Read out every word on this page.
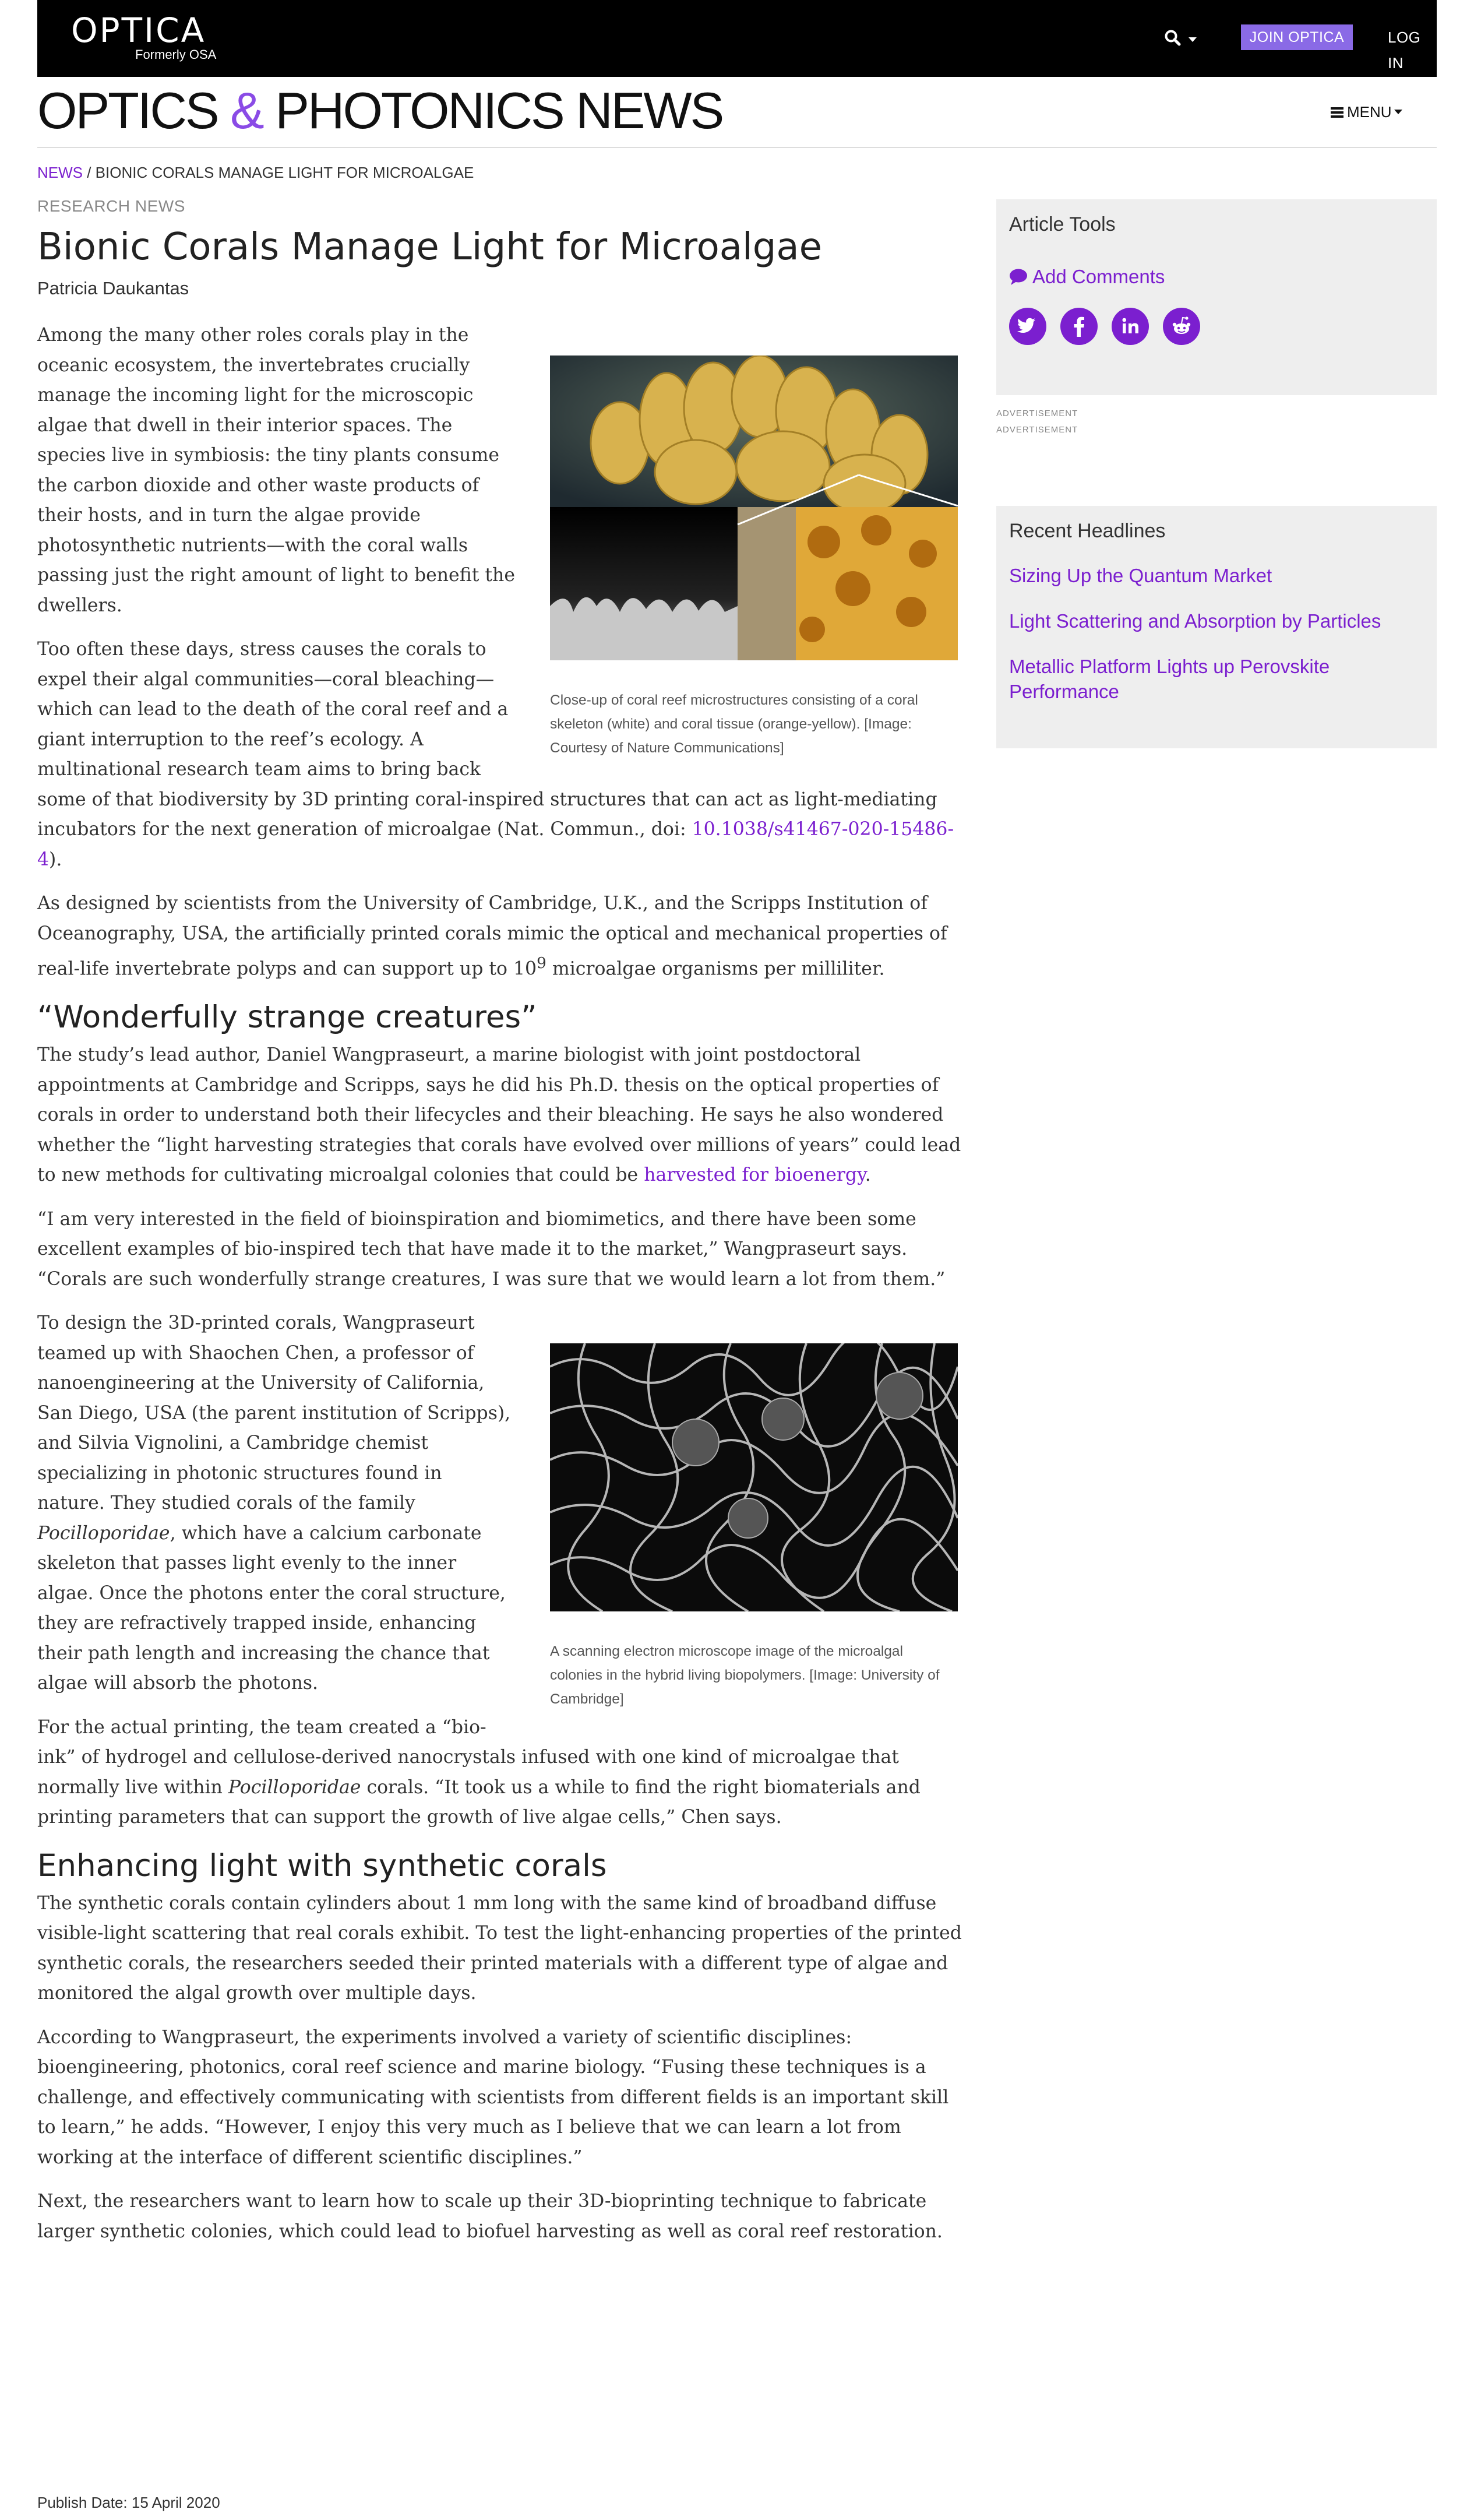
OPTICA
Formerly OSA
JOIN OPTICA	LOG IN
OPTICS & PHOTONICS NEWS	MENU
NEWS / BIONIC CORALS MANAGE LIGHT FOR MICROALGAE
RESEARCH NEWS
Bionic Corals Manage Light for Microalgae
Patricia Daukantas
Close-up of coral reef microstructures consisting of a coral skeleton (white) and coral tissue (orange-yellow). [Image: Courtesy of Nature Communications]

Among the many other roles corals play in the oceanic ecosystem, the invertebrates crucially manage the incoming light for the microscopic algae that dwell in their interior spaces. The species live in symbiosis: the tiny plants consume the carbon dioxide and other waste products of their hosts, and in turn the algae provide photosynthetic nutrients—with the coral walls passing just the right amount of light to benefit the dwellers.

Too often these days, stress causes the corals to expel their algal communities—coral bleaching—which can lead to the death of the coral reef and a giant interruption to the reef’s ecology. A multinational research team aims to bring back some of that biodiversity by 3D printing coral-inspired structures that can act as light-mediating incubators for the next generation of microalgae (Nat. Commun., doi: 10.1038/s41467-020-15486-4).

As designed by scientists from the University of Cambridge, U.K., and the Scripps Institution of Oceanography, USA, the artificially printed corals mimic the optical and mechanical properties of real-life invertebrate polyps and can support up to $10^9$ microalgae organisms per milliliter.

“Wonderfully strange creatures”

The study’s lead author, Daniel Wangpraseurt, a marine biologist with joint postdoctoral appointments at Cambridge and Scripps, says he did his Ph.D. thesis on the optical properties of corals in order to understand both their lifecycles and their bleaching. He says he also wondered whether the “light harvesting strategies that corals have evolved over millions of years” could lead to new methods for cultivating microalgal colonies that could be harvested for bioenergy.

“I am very interested in the field of bioinspiration and biomimetics, and there have been some excellent examples of bio-inspired tech that have made it to the market,” Wangpraseurt says. “Corals are such wonderfully strange creatures, I was sure that we would learn a lot from them.”

A scanning electron microscope image of the microalgal colonies in the hybrid living biopolymers. [Image: University of Cambridge]

To design the 3D-printed corals, Wangpraseurt teamed up with Shaochen Chen, a professor of nanoengineering at the University of California, San Diego, USA (the parent institution of Scripps), and Silvia Vignolini, a Cambridge chemist specializing in photonic structures found in nature. They studied corals of the family Pocilloporidae, which have a calcium carbonate skeleton that passes light evenly to the inner algae. Once the photons enter the coral structure, they are refractively trapped inside, enhancing their path length and increasing the chance that algae will absorb the photons.

For the actual printing, the team created a “bio-ink” of hydrogel and cellulose-derived nanocrystals infused with one kind of microalgae that normally live within Pocilloporidae corals. “It took us a while to find the right biomaterials and printing parameters that can support the growth of live algae cells,” Chen says.

Enhancing light with synthetic corals

The synthetic corals contain cylinders about 1 mm long with the same kind of broadband diffuse visible-light scattering that real corals exhibit. To test the light-enhancing properties of the printed synthetic corals, the researchers seeded their printed materials with a different type of algae and monitored the algal growth over multiple days.

According to Wangpraseurt, the experiments involved a variety of scientific disciplines: bioengineering, photonics, coral reef science and marine biology. “Fusing these techniques is a challenge, and effectively communicating with scientists from different fields is an important skill to learn,” he adds. “However, I enjoy this very much as I believe that we can learn a lot from working at the interface of different scientific disciplines.”

Next, the researchers want to learn how to scale up their 3D-bioprinting technique to fabricate larger synthetic colonies, which could lead to biofuel harvesting as well as coral reef restoration.

Publish Date: 15 April 2020
Article Tools
Add Comments
ADVERTISEMENT
ADVERTISEMENT
Recent Headlines
Sizing Up the Quantum Market
Light Scattering and Absorption by Particles
Metallic Platform Lights up Perovskite Performance
